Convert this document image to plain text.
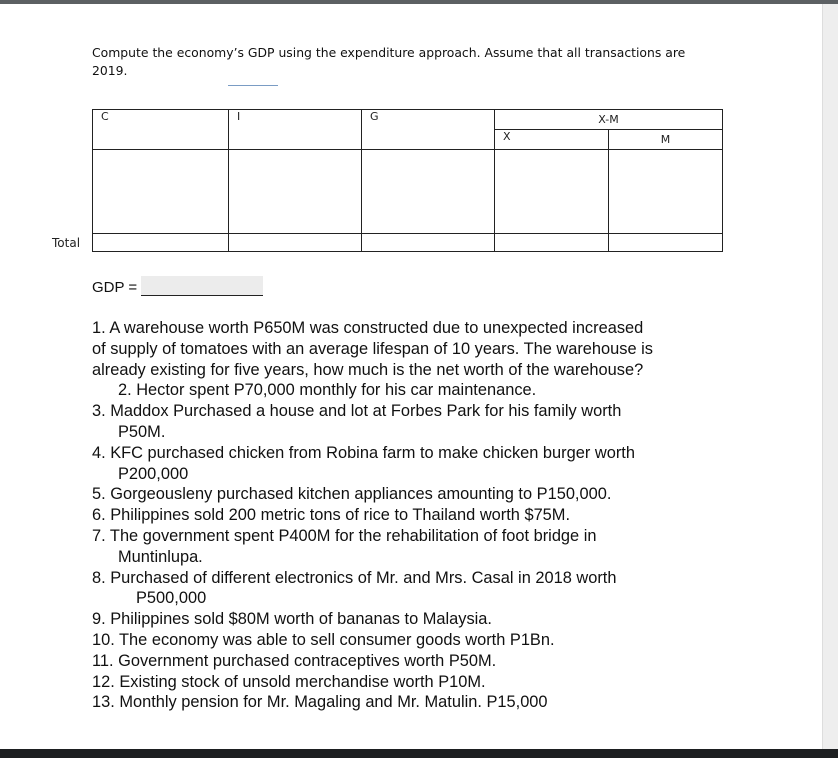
Compute the economy’s GDP using the expenditure approach. Assume that all transactions are
2019.
C	I	G	X-M	
			X	M

Total
GDP =
1. A warehouse worth P650M was constructed due to unexpected increased
of supply of tomatoes with an average lifespan of 10 years. The warehouse is
already existing for five years, how much is the net worth of the warehouse?
2. Hector spent P70,000 monthly for his car maintenance.
3. Maddox Purchased a house and lot at Forbes Park for his family worth
P50M.
4. KFC purchased chicken from Robina farm to make chicken burger worth
P200,000
5. Gorgeousleny purchased kitchen appliances amounting to P150,000.
6. Philippines sold 200 metric tons of rice to Thailand worth $75M.
7. The government spent P400M for the rehabilitation of foot bridge in
Muntinlupa.
8. Purchased of different electronics of Mr. and Mrs. Casal in 2018 worth
P500,000
9. Philippines sold $80M worth of bananas to Malaysia.
10. The economy was able to sell consumer goods worth P1Bn.
11. Government purchased contraceptives worth P50M.
12. Existing stock of unsold merchandise worth P10M.
13. Monthly pension for Mr. Magaling and Mr. Matulin. P15,000
